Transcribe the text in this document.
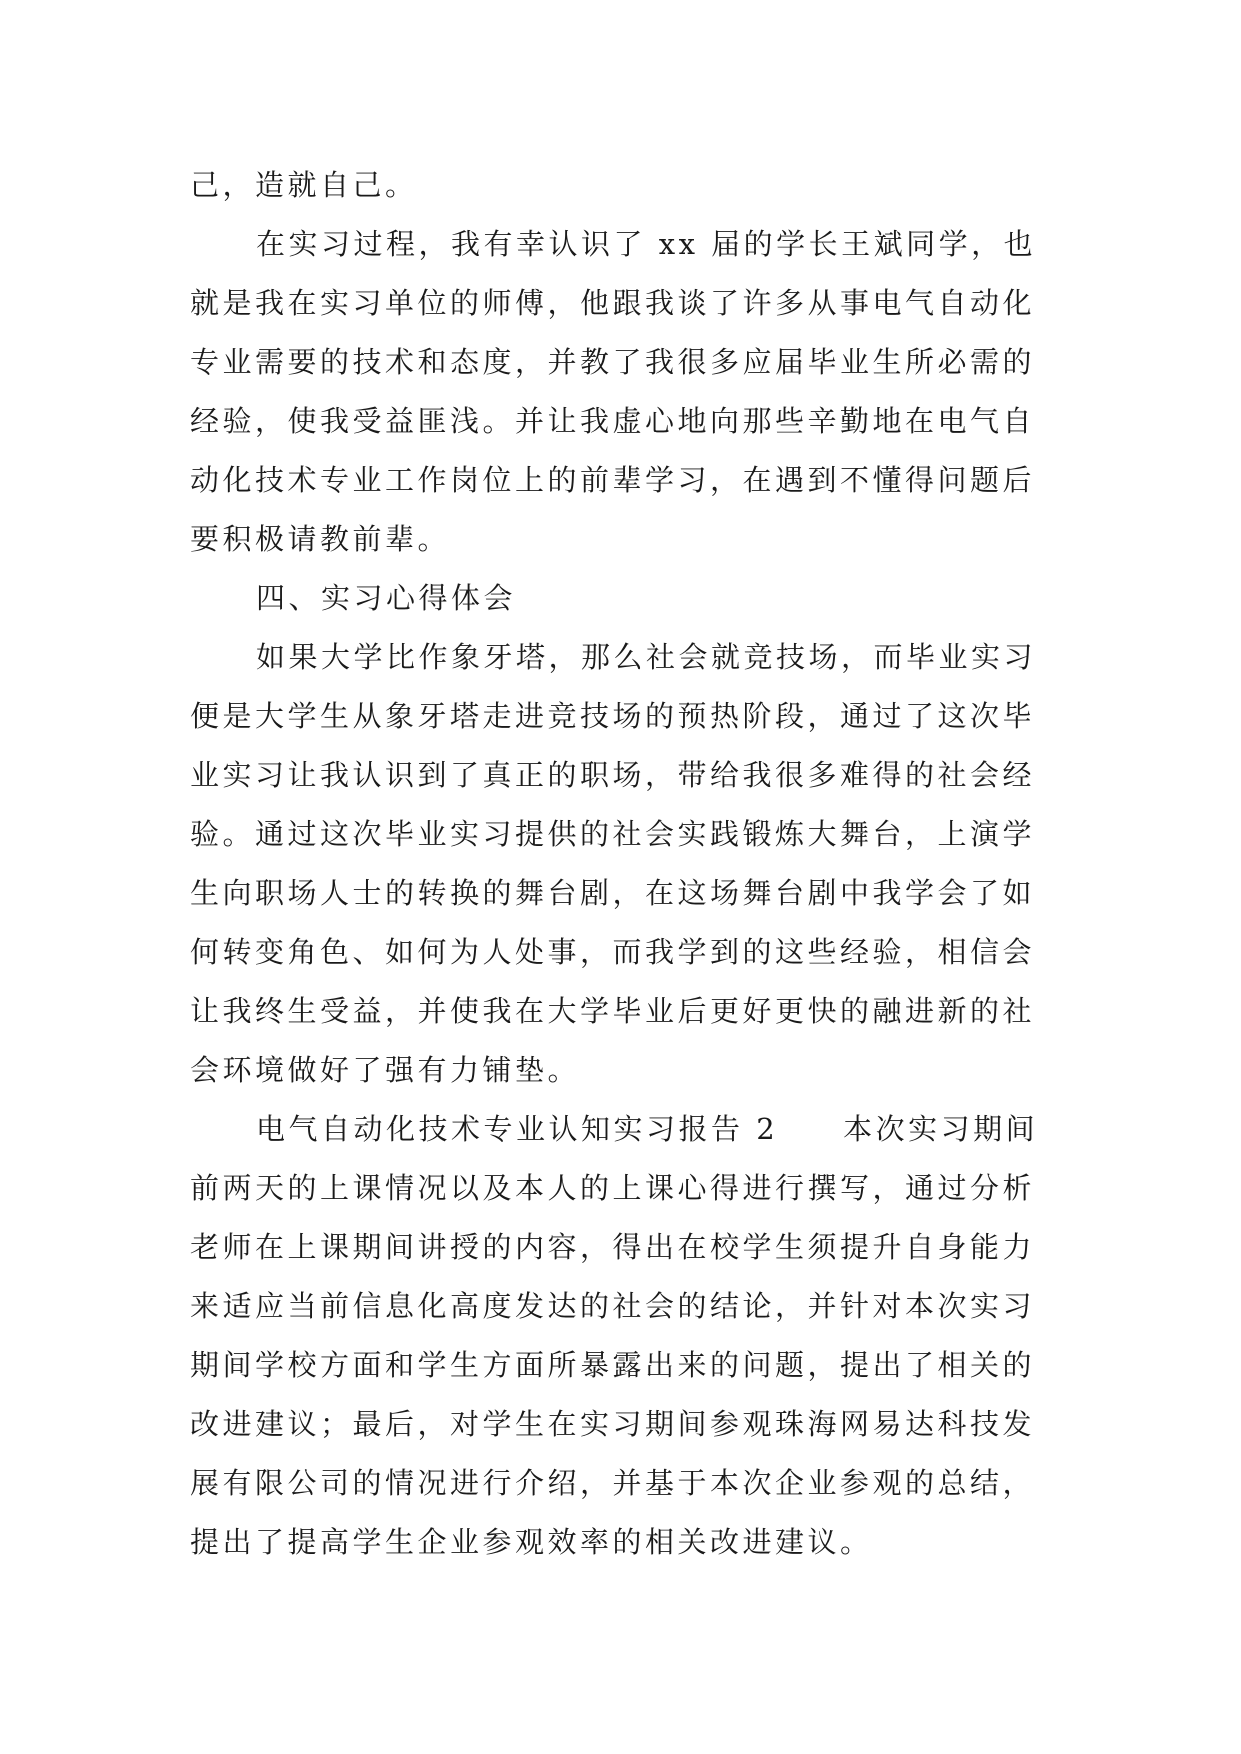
己，造就自己。
在实习过程，我有幸认识了 xx 届的学长王斌同学，也
就是我在实习单位的师傅，他跟我谈了许多从事电气自动化
专业需要的技术和态度，并教了我很多应届毕业生所必需的
经验，使我受益匪浅。并让我虚心地向那些辛勤地在电气自
动化技术专业工作岗位上的前辈学习，在遇到不懂得问题后
要积极请教前辈。
四、实习心得体会
如果大学比作象牙塔，那么社会就竞技场，而毕业实习
便是大学生从象牙塔走进竞技场的预热阶段，通过了这次毕
业实习让我认识到了真正的职场，带给我很多难得的社会经
验。通过这次毕业实习提供的社会实践锻炼大舞台，上演学
生向职场人士的转换的舞台剧，在这场舞台剧中我学会了如
何转变角色、如何为人处事，而我学到的这些经验，相信会
让我终生受益，并使我在大学毕业后更好更快的融进新的社
会环境做好了强有力铺垫。
电气自动化技术专业认知实习报告 2　　本次实习期间
前两天的上课情况以及本人的上课心得进行撰写，通过分析
老师在上课期间讲授的内容，得出在校学生须提升自身能力
来适应当前信息化高度发达的社会的结论，并针对本次实习
期间学校方面和学生方面所暴露出来的问题，提出了相关的
改进建议；最后，对学生在实习期间参观珠海网易达科技发
展有限公司的情况进行介绍，并基于本次企业参观的总结，
提出了提高学生企业参观效率的相关改进建议。
